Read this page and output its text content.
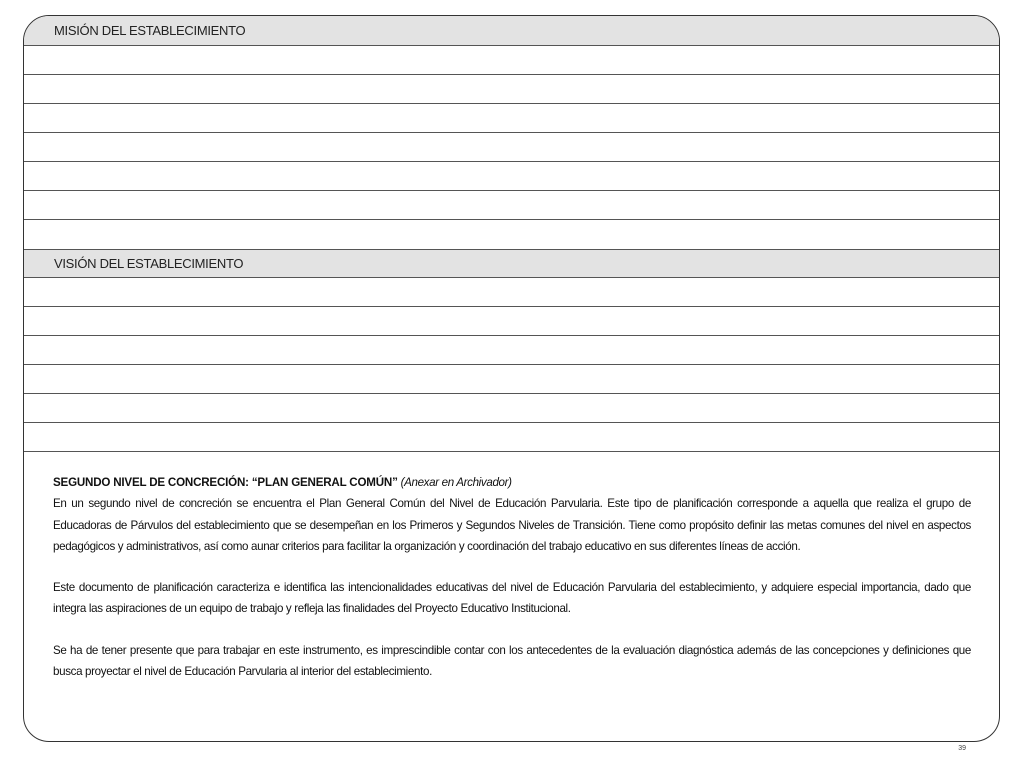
MISIÓN DEL ESTABLECIMIENTO
VISIÓN DEL ESTABLECIMIENTO
SEGUNDO NIVEL DE CONCRECIÓN: “PLAN GENERAL COMÚN” (Anexar en Archivador)

En un segundo nivel de concreción se encuentra el Plan General Común del Nivel de Educación Parvularia. Este tipo de planificación corresponde a aquella que realiza el grupo de Educadoras de Párvulos del establecimiento que se desempeñan en los Primeros y Segundos Niveles de Transición. Tiene como propósito definir las metas comunes del nivel en aspectos pedagógicos y administrativos, así como aunar criterios para facilitar la organización y coordinación del trabajo educativo en sus diferentes líneas de acción.

Este documento de planificación caracteriza e identifica las intencionalidades educativas del nivel de Educación Parvularia del establecimiento, y adquiere especial importancia, dado que integra las aspiraciones de un equipo de trabajo y refleja las finalidades del Proyecto Educativo Institucional.

Se ha de tener presente que para trabajar en este instrumento, es imprescindible contar con los antecedentes de la evaluación diagnóstica además de las concepciones y definiciones que busca proyectar el nivel de Educación Parvularia al interior del establecimiento.

39
